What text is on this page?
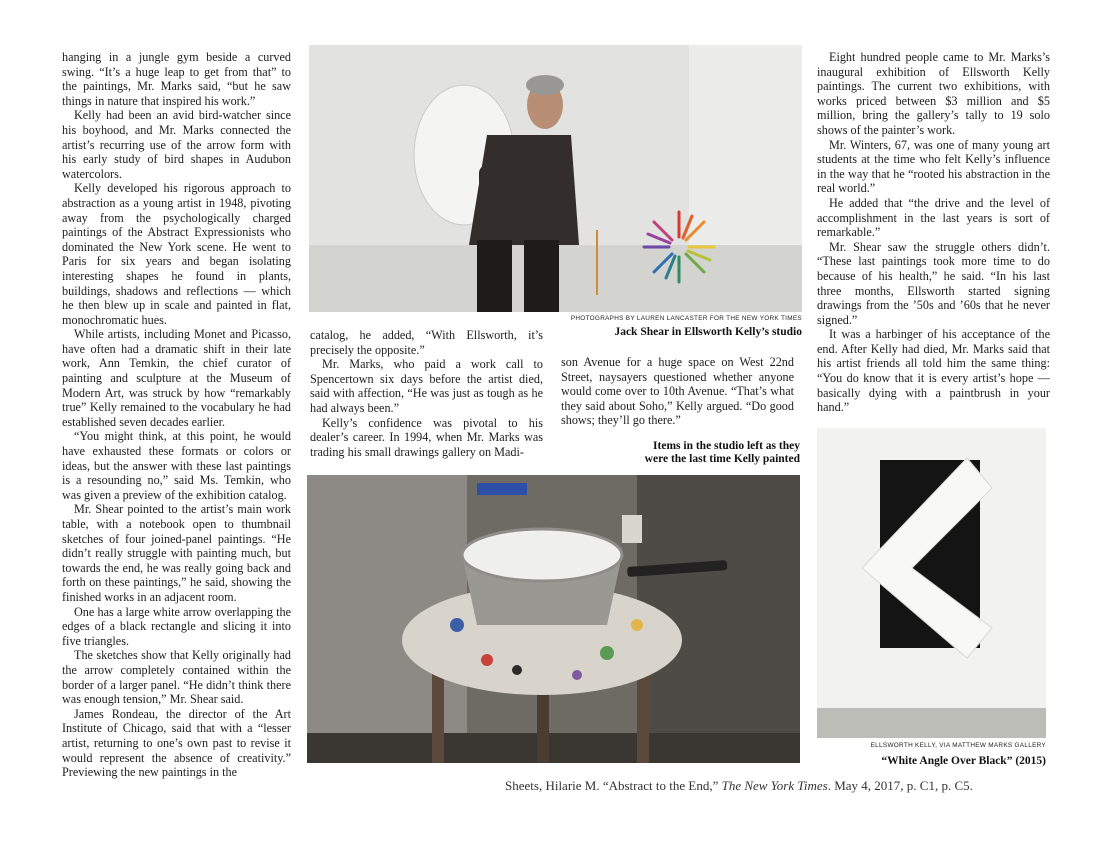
hanging in a jungle gym beside a curved swing. “It’s a huge leap to get from that” to the paintings, Mr. Marks said, “but he saw things in nature that inspired his work.”

Kelly had been an avid bird-watcher since his boyhood, and Mr. Marks connected the artist’s recurring use of the arrow form with his early study of bird shapes in Audubon watercolors.

Kelly developed his rigorous approach to abstraction as a young artist in 1948, pivoting away from the psychologically charged paintings of the Abstract Expressionists who dominated the New York scene. He went to Paris for six years and began isolating interesting shapes he found in plants, buildings, shadows and reflections — which he then blew up in scale and painted in flat, monochromatic hues.

While artists, including Monet and Picasso, have often had a dramatic shift in their late work, Ann Temkin, the chief curator of painting and sculpture at the Museum of Modern Art, was struck by how “remarkably true” Kelly remained to the vocabulary he had established seven decades earlier.

“You might think, at this point, he would have exhausted these formats or colors or ideas, but the answer with these last paintings is a resounding no,” said Ms. Temkin, who was given a preview of the exhibition catalog.

Mr. Shear pointed to the artist’s main work table, with a notebook open to thumbnail sketches of four joined-panel paintings. “He didn’t really struggle with painting much, but towards the end, he was really going back and forth on these paintings,” he said, showing the finished works in an adjacent room.

One has a large white arrow overlapping the edges of a black rectangle and slicing it into five triangles.

The sketches show that Kelly originally had the arrow completely contained within the border of a larger panel. “He didn’t think there was enough tension,” Mr. Shear said.

James Rondeau, the director of the Art Institute of Chicago, said that with a “lesser artist, returning to one’s own past to revise it would represent the absence of creativity.” Previewing the new paintings in the

PHOTOGRAPHS BY LAUREN LANCASTER FOR THE NEW YORK TIMES
Jack Shear in Ellsworth Kelly’s studio

catalog, he added, “With Ellsworth, it’s precisely the opposite.”

Mr. Marks, who paid a work call to Spencertown six days before the artist died, said with affection, “He was just as tough as he had always been.”

Kelly’s confidence was pivotal to his dealer’s career. In 1994, when Mr. Marks was trading his small drawings gallery on Madi-

son Avenue for a huge space on West 22nd Street, naysayers questioned whether anyone would come over to 10th Avenue. “That’s what they said about Soho,” Kelly argued. “Do good shows; they’ll go there.”

Items in the studio left as they
were the last time Kelly painted

Eight hundred people came to Mr. Marks’s inaugural exhibition of Ellsworth Kelly paintings. The current two exhibitions, with works priced between $3 million and $5 million, bring the gallery’s tally to 19 solo shows of the painter’s work.

Mr. Winters, 67, was one of many young art students at the time who felt Kelly’s influence in the way that he “rooted his abstraction in the real world.”

He added that “the drive and the level of accomplishment in the last years is sort of remarkable.”

Mr. Shear saw the struggle others didn’t. “These last paintings took more time to do because of his health,” he said. “In his last three months, Ellsworth started signing drawings from the ’50s and ’60s that he never signed.”

It was a harbinger of his acceptance of the end. After Kelly had died, Mr. Marks said that his artist friends all told him the same thing: “You do know that it is every artist’s hope — basically dying with a paintbrush in your hand.”

ELLSWORTH KELLY, VIA MATTHEW MARKS GALLERY
“White Angle Over Black” (2015)
Sheets, Hilarie M. “Abstract to the End,” The New York Times. May 4, 2017, p. C1, p. C5.
